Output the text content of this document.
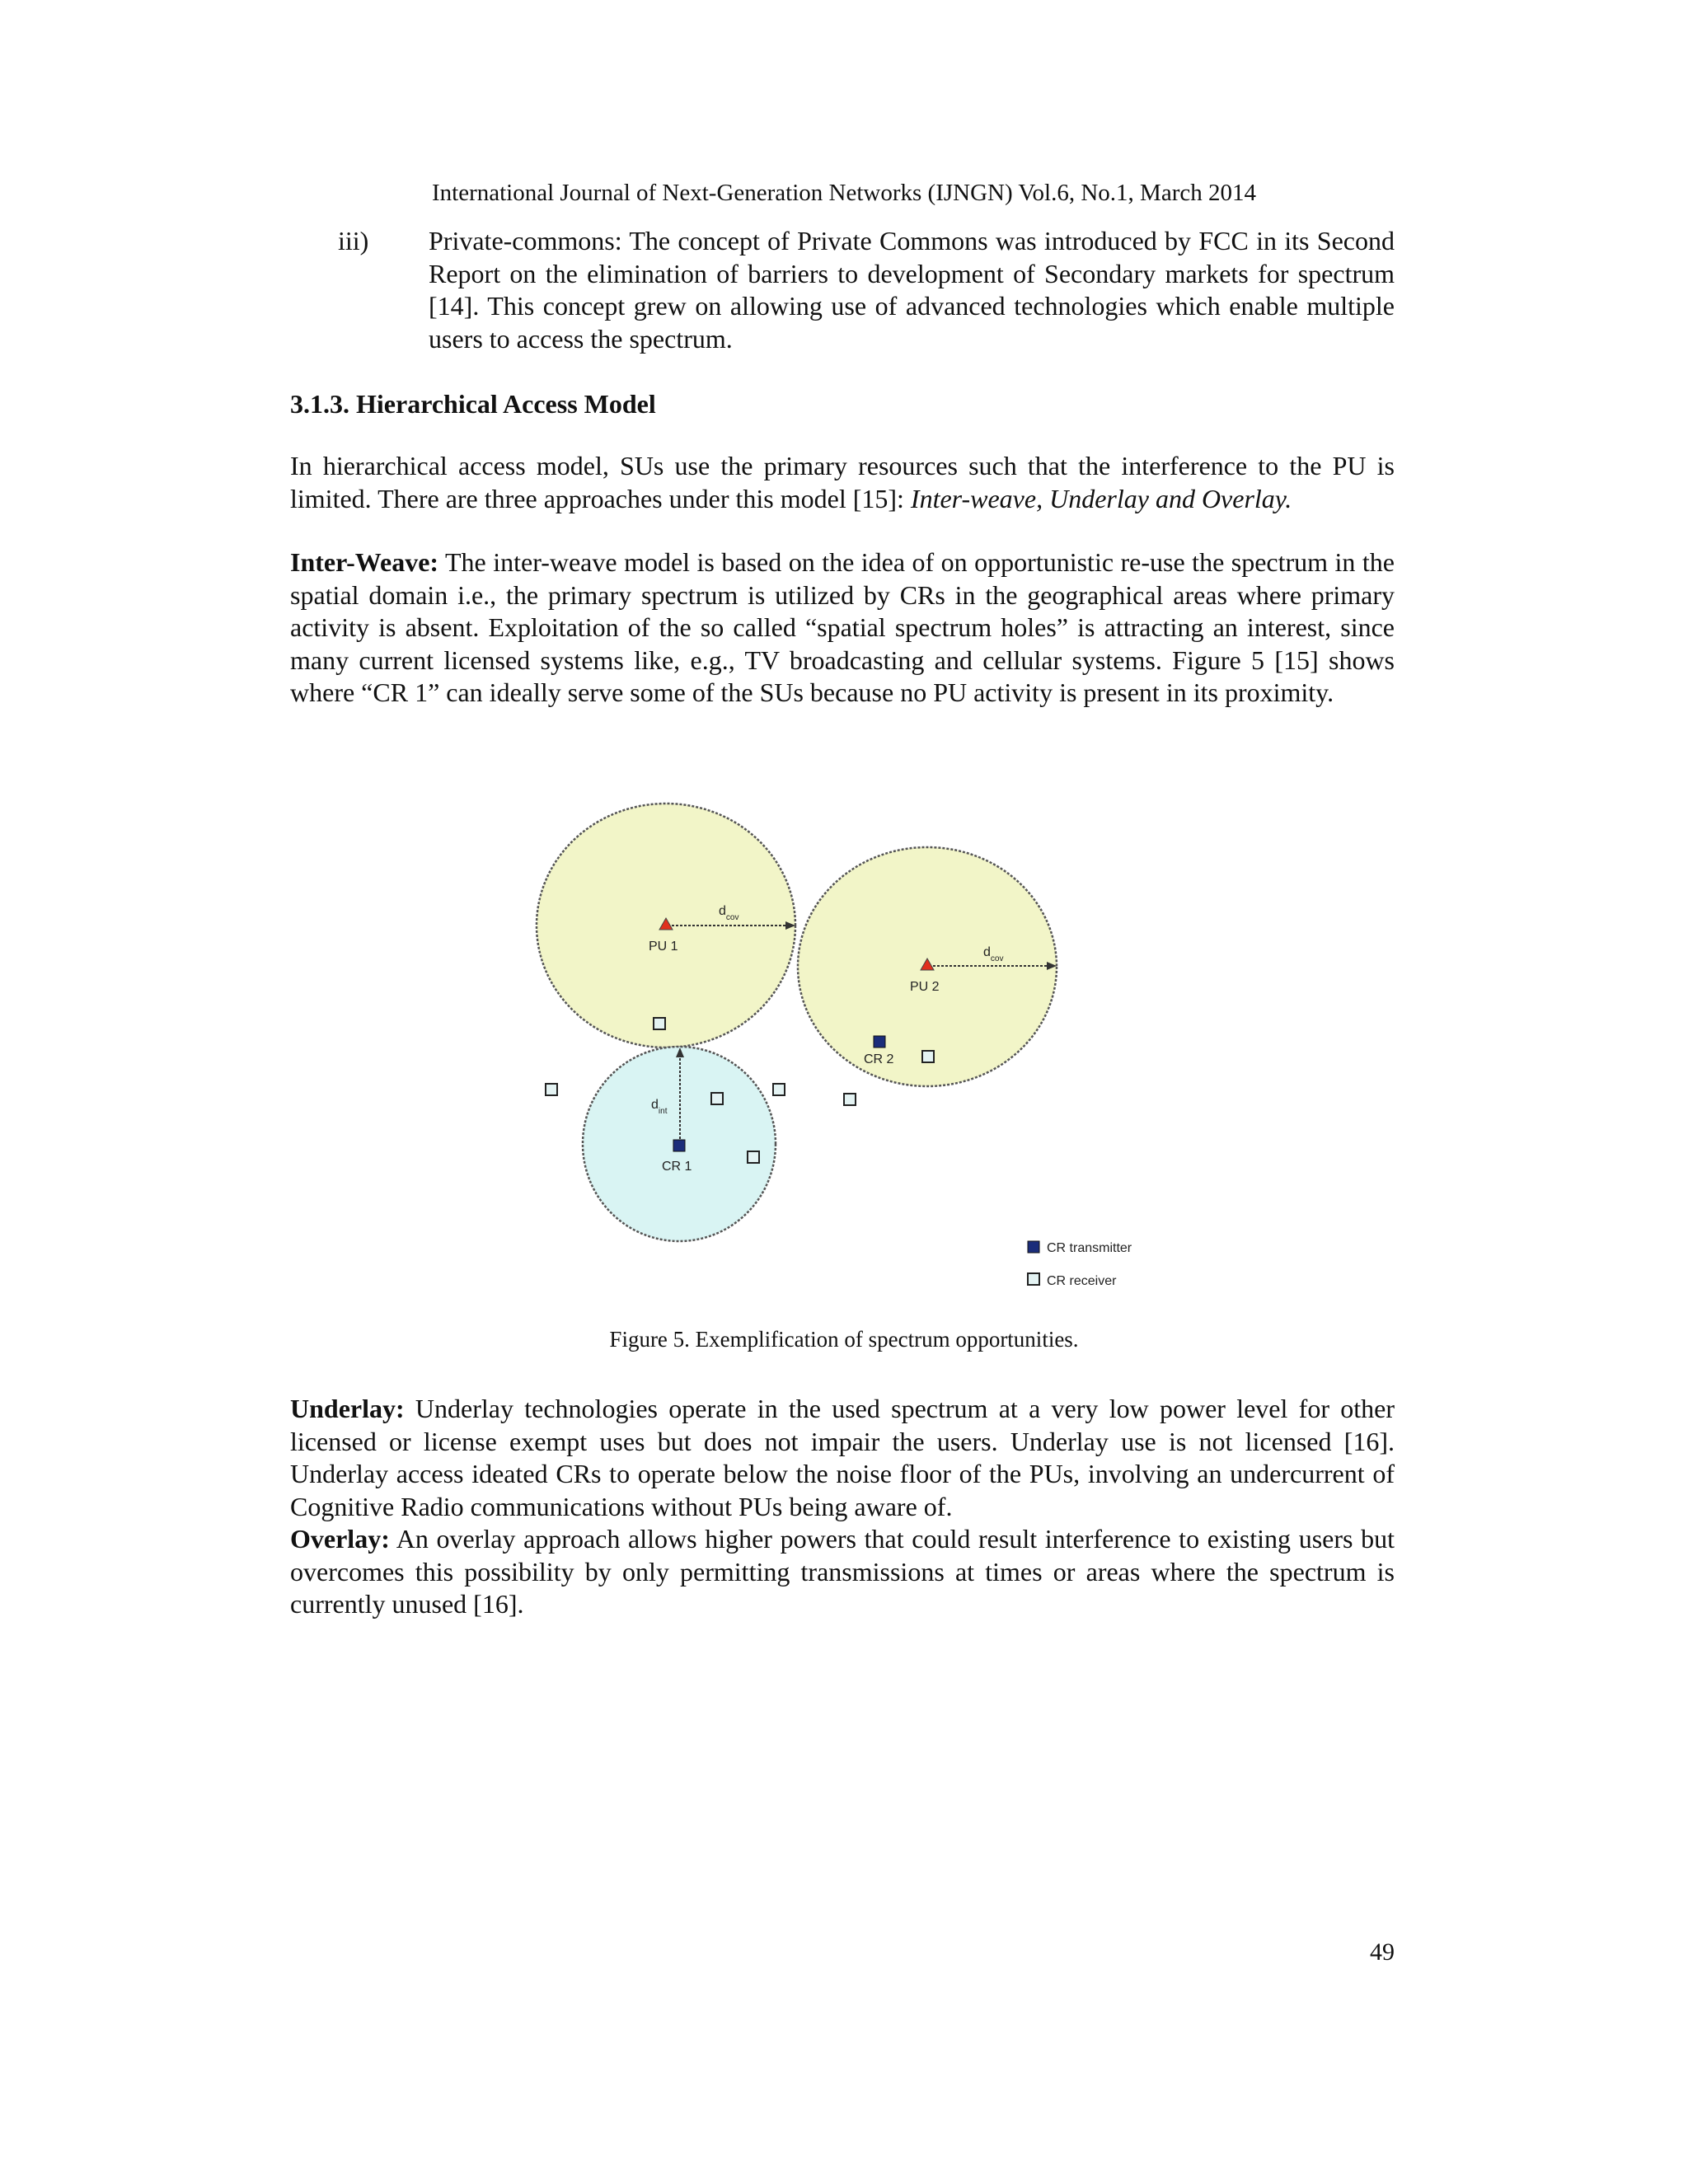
International Journal of Next-Generation Networks (IJNGN) Vol.6, No.1, March 2014
iii) Private-commons: The concept of Private Commons was introduced by FCC in its Second Report on the elimination of barriers to development of Secondary markets for spectrum [14]. This concept grew on allowing use of advanced technologies which enable multiple users to access the spectrum.
3.1.3. Hierarchical Access Model
In hierarchical access model, SUs use the primary resources such that the interference to the PU is limited. There are three approaches under this model [15]: Inter-weave, Underlay and Overlay.
Inter-Weave: The inter-weave model is based on the idea of on opportunistic re-use the spectrum in the spatial domain i.e., the primary spectrum is utilized by CRs in the geographical areas where primary activity is absent. Exploitation of the so called “spatial spectrum holes” is attracting an interest, since many current licensed systems like, e.g., TV broadcasting and cellular systems. Figure 5 [15] shows where “CR 1” can ideally serve some of the SUs because no PU activity is present in its proximity.
PU 1
PU 2
$d_{cov}$
$d_{cov}$
$d_{int}$
CR 1
CR 2
CR transmitter
CR receiver
Figure 5. Exemplification of spectrum opportunities.
Underlay: Underlay technologies operate in the used spectrum at a very low power level for other licensed or license exempt uses but does not impair the users. Underlay use is not licensed [16]. Underlay access ideated CRs to operate below the noise floor of the PUs, involving an undercurrent of Cognitive Radio communications without PUs being aware of.
Overlay: An overlay approach allows higher powers that could result interference to existing users but overcomes this possibility by only permitting transmissions at times or areas where the spectrum is currently unused [16].
49
